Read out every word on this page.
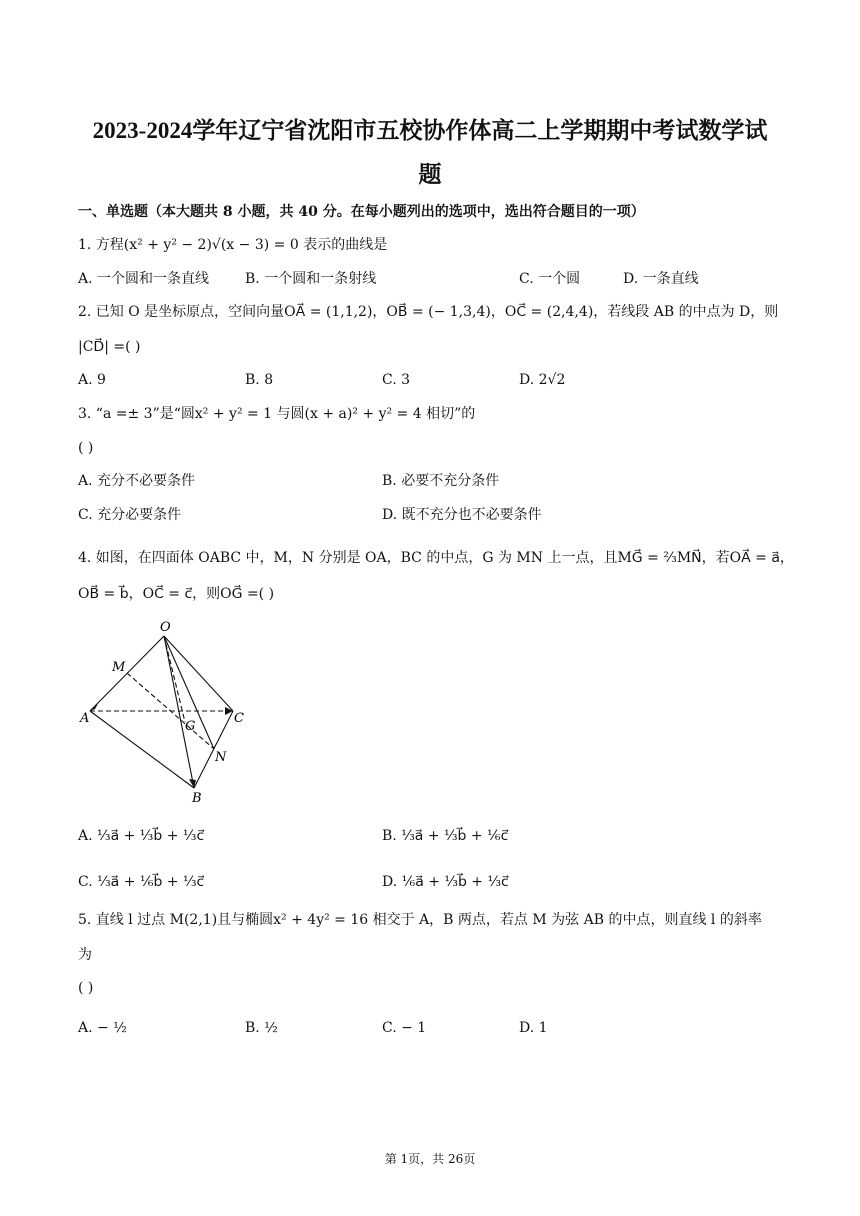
2023-2024学年辽宁省沈阳市五校协作体高二上学期期中考试数学试
题
一、单选题（本大题共 8 小题，共 40 分。在每小题列出的选项中，选出符合题目的一项）
1. 方程(x² + y² − 2)√(x − 3) = 0 表示的曲线是
A. 一个圆和一条直线	B. 一个圆和一条射线	C. 一个圆	D. 一条直线
2. 已知 O 是坐标原点，空间向量OA⃗ = (1,1,2)，OB⃗ = (− 1,3,4)，OC⃗ = (2,4,4)，若线段 AB 的中点为 D，则
|CD⃗| =( )
A. 9	B. 8	C. 3	D. 2√2
3. “a =± 3”是“圆x² + y² = 1 与圆(x + a)² + y² = 4 相切”的
( )
A. 充分不必要条件	B. 必要不充分条件
C. 充分必要条件	D. 既不充分也不必要条件
4. 如图，在四面体 OABC 中，M，N 分别是 OA，BC 的中点，G 为 MN 上一点，且MG⃗ = ⅔MN⃗，若OA⃗ = a⃗，
OB⃗ = b⃗，OC⃗ = c⃗，则OG⃗ =( )
O
M
A
G
C
N
B
A. ⅓a⃗ + ⅓b⃗ + ⅓c⃗	B. ⅓a⃗ + ⅓b⃗ + ⅙c⃗
C. ⅓a⃗ + ⅙b⃗ + ⅓c⃗	D. ⅙a⃗ + ⅓b⃗ + ⅓c⃗
5. 直线 l 过点 M(2,1)且与椭圆x² + 4y² = 16 相交于 A，B 两点，若点 M 为弦 AB 的中点，则直线 l 的斜率
为
( )
A. − ½	B. ½	C. − 1	D. 1
第 1页，共 26页
